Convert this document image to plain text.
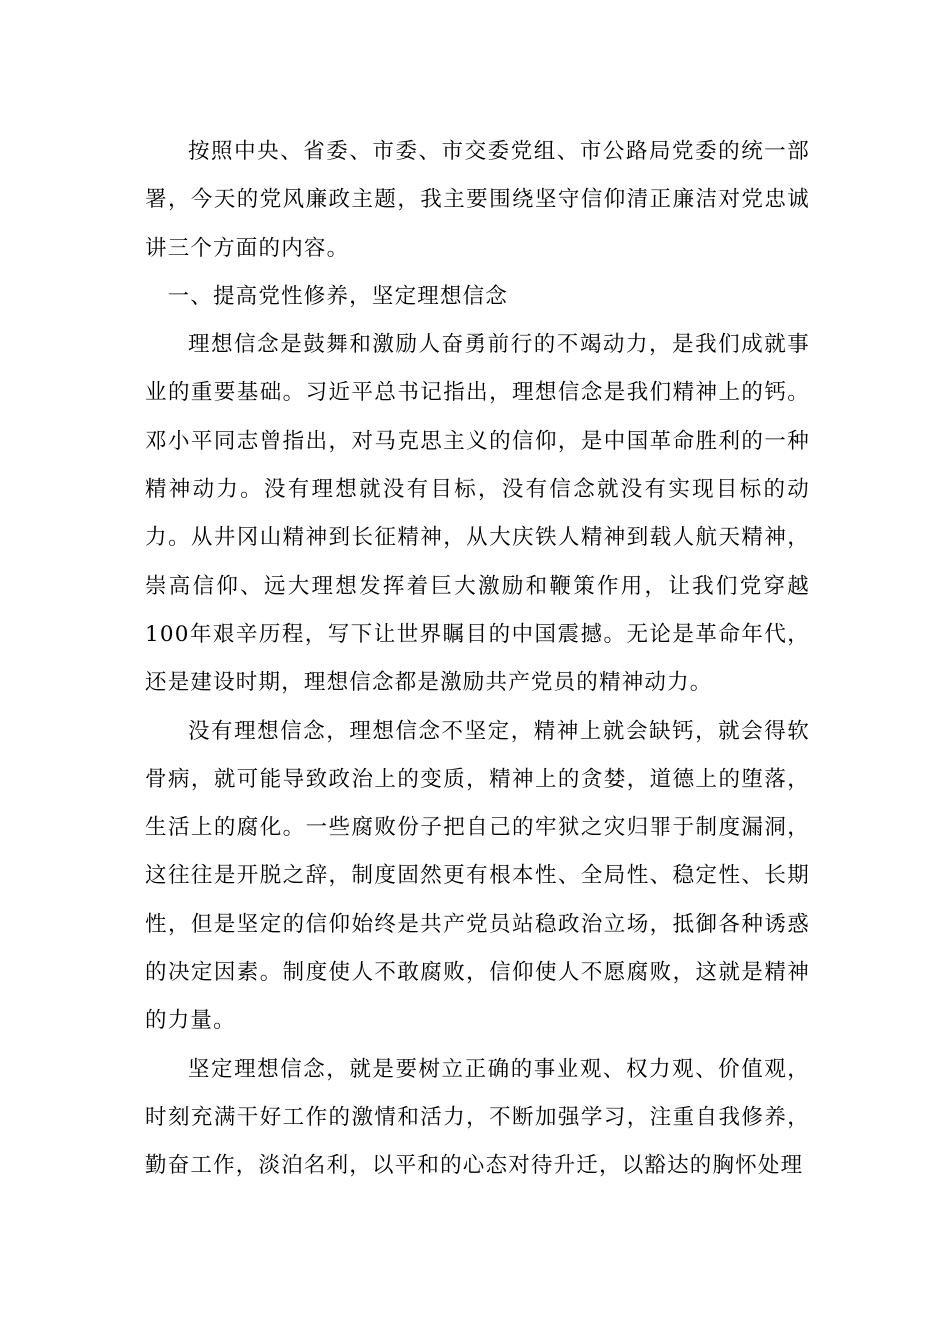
按照中央、省委、市委、市交委党组、市公路局党委的统一部署，今天的党风廉政主题，我主要围绕坚守信仰清正廉洁对党忠诚讲三个方面的内容。

一、提高党性修养，坚定理想信念

理想信念是鼓舞和激励人奋勇前行的不竭动力，是我们成就事业的重要基础。习近平总书记指出，理想信念是我们精神上的钙。邓小平同志曾指出，对马克思主义的信仰，是中国革命胜利的一种精神动力。没有理想就没有目标，没有信念就没有实现目标的动力。从井冈山精神到长征精神，从大庆铁人精神到载人航天精神，崇高信仰、远大理想发挥着巨大激励和鞭策作用，让我们党穿越100年艰辛历程，写下让世界瞩目的中国震撼。无论是革命年代，还是建设时期，理想信念都是激励共产党员的精神动力。

没有理想信念，理想信念不坚定，精神上就会缺钙，就会得软骨病，就可能导致政治上的变质，精神上的贪婪，道德上的堕落，生活上的腐化。一些腐败份子把自己的牢狱之灾归罪于制度漏洞，这往往是开脱之辞，制度固然更有根本性、全局性、稳定性、长期性，但是坚定的信仰始终是共产党员站稳政治立场，抵御各种诱惑的决定因素。制度使人不敢腐败，信仰使人不愿腐败，这就是精神的力量。

坚定理想信念，就是要树立正确的事业观、权力观、价值观，时刻充满干好工作的激情和活力，不断加强学习，注重自我修养，勤奋工作，淡泊名利，以平和的心态对待升迁，以豁达的胸怀处理
